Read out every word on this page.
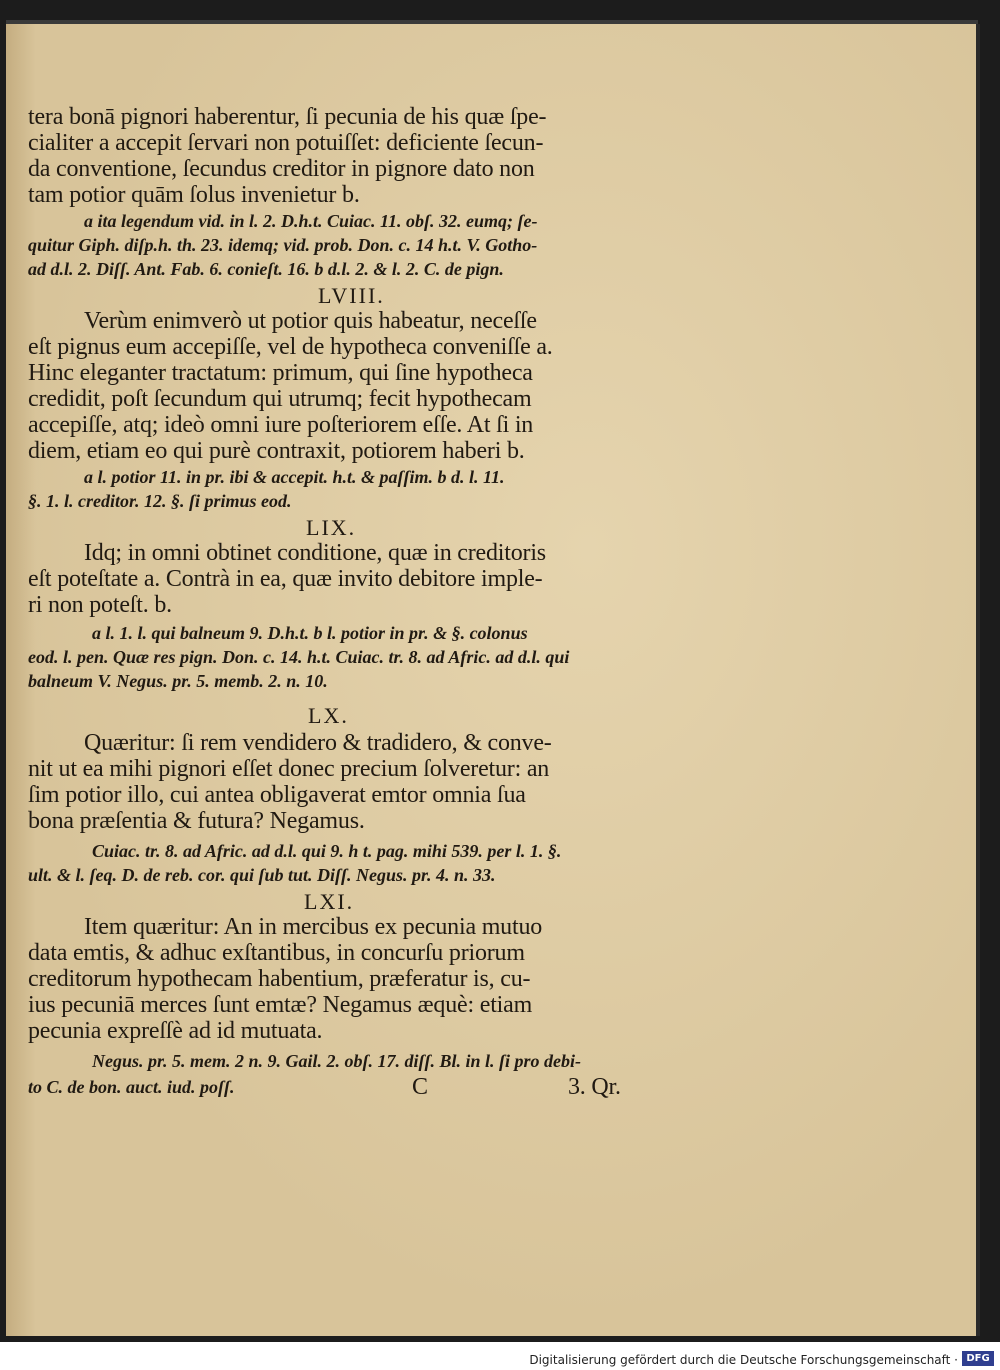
tera bonā pignori haberentur, ſi pecunia de his quæ ſpe-
cialiter a accepit ſervari non potuiſſet: deficiente ſecun-
da conventione, ſecundus creditor in pignore dato non
tam potior quām ſolus invenietur b.
a ita legendum vid. in l. 2. D.h.t. Cuiac. 11. obſ. 32. eumq; ſe-
quitur Giph. diſp.h. th. 23. idemq; vid. prob. Don. c. 14 h.t. V. Gotho-
ad d.l. 2. Diſſ. Ant. Fab. 6. conieſt. 16. b d.l. 2. & l. 2. C. de pign.
LVIII.
Verùm enimverò ut potior quis habeatur, neceſſe
eſt pignus eum accepiſſe, vel de hypotheca conveniſſe a.
Hinc eleganter tractatum: primum, qui ſine hypotheca
credidit, poſt ſecundum qui utrumq; fecit hypothecam
accepiſſe, atq; ideò omni iure poſteriorem eſſe. At ſi in
diem, etiam eo qui purè contraxit, potiorem haberi b.
a l. potior 11. in pr. ibi & accepit. h.t. & paſſim. b d. l. 11.
§. 1. l. creditor. 12. §. ſi primus eod.
LIX.
Idq; in omni obtinet conditione, quæ in creditoris
eſt poteſtate a. Contrà in ea, quæ invito debitore imple-
ri non poteſt. b.
a l. 1. l. qui balneum 9. D.h.t. b l. potior in pr. & §. colonus
eod. l. pen. Quæ res pign. Don. c. 14. h.t. Cuiac. tr. 8. ad Afric. ad d.l. qui
balneum V. Negus. pr. 5. memb. 2. n. 10.
LX.
Quæritur: ſi rem vendidero & tradidero, & conve-
nit ut ea mihi pignori eſſet donec precium ſolveretur: an
ſim potior illo, cui antea obligaverat emtor omnia ſua
bona præſentia & futura? Negamus.
Cuiac. tr. 8. ad Afric. ad d.l. qui 9. h t. pag. mihi 539. per l. 1. §.
ult. & l. ſeq. D. de reb. cor. qui ſub tut. Diſſ. Negus. pr. 4. n. 33.
LXI.
Item quæritur: An in mercibus ex pecunia mutuo
data emtis, & adhuc exſtantibus, in concurſu priorum
creditorum hypothecam habentium, præferatur is, cu-
ius pecuniā merces ſunt emtæ? Negamus æquè: etiam
pecunia expreſſè ad id mutuata.
Negus. pr. 5. mem. 2 n. 9. Gail. 2. obſ. 17. diſſ. Bl. in l. ſi pro debi-
to C. de bon. auct. iud. poſſ.	C	3. Qr.
Digitalisierung gefördert durch die Deutsche Forschungsgemeinschaft · DFG
